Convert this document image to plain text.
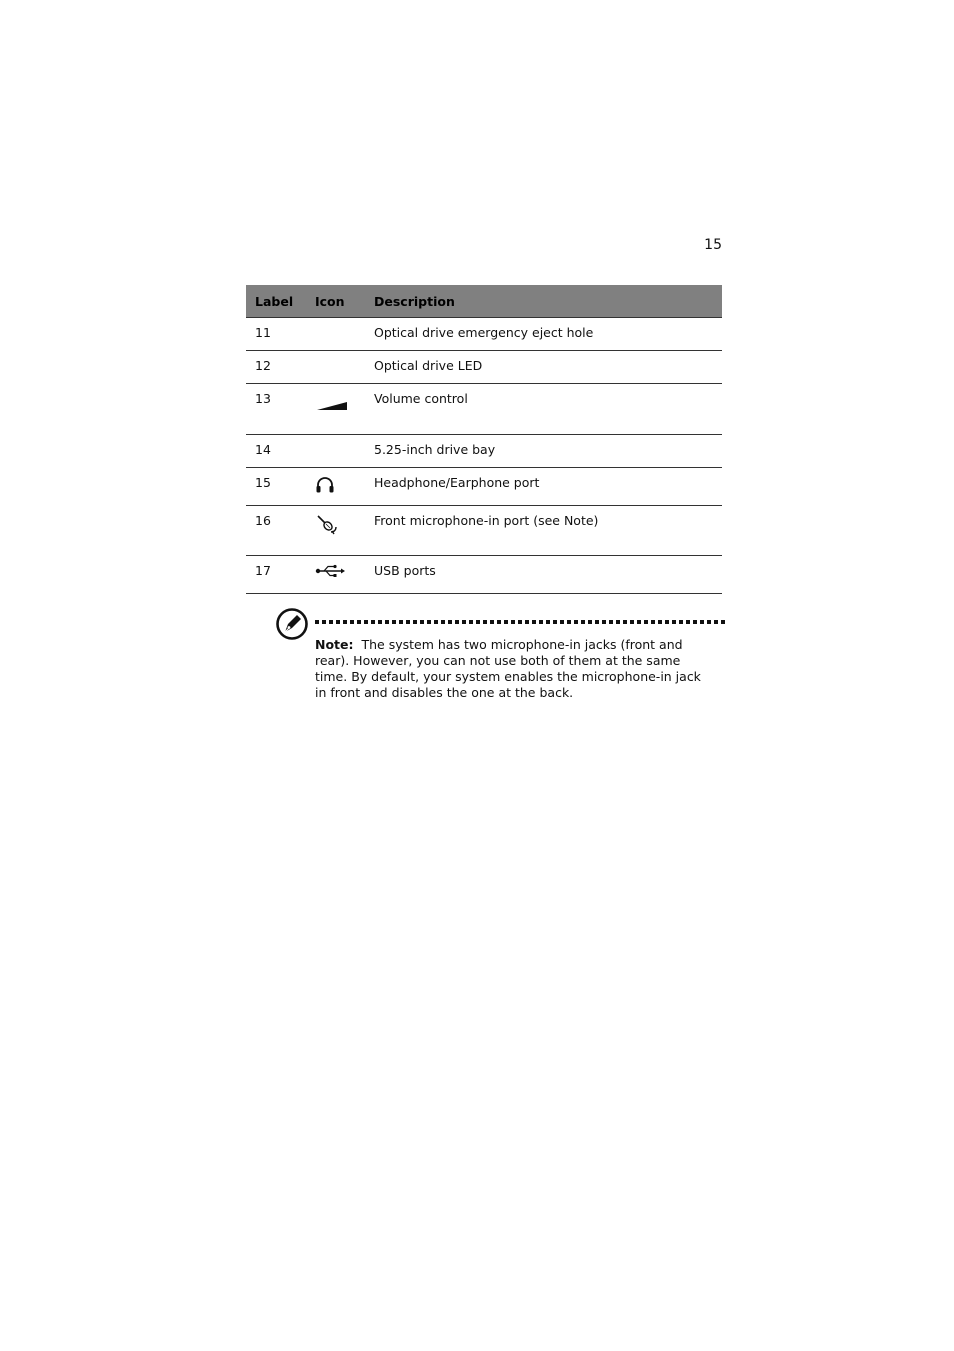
15
Label	Icon	Description
11		Optical drive emergency eject hole
12		Optical drive LED
13		Volume control
14		5.25-inch drive bay
15		Headphone/Earphone port
16		Front microphone-in port (see Note)
17		USB ports
Note: The system has two microphone-in jacks (front and rear). However, you can not use both of them at the same time. By default, your system enables the microphone-in jack in front and disables the one at the back.
